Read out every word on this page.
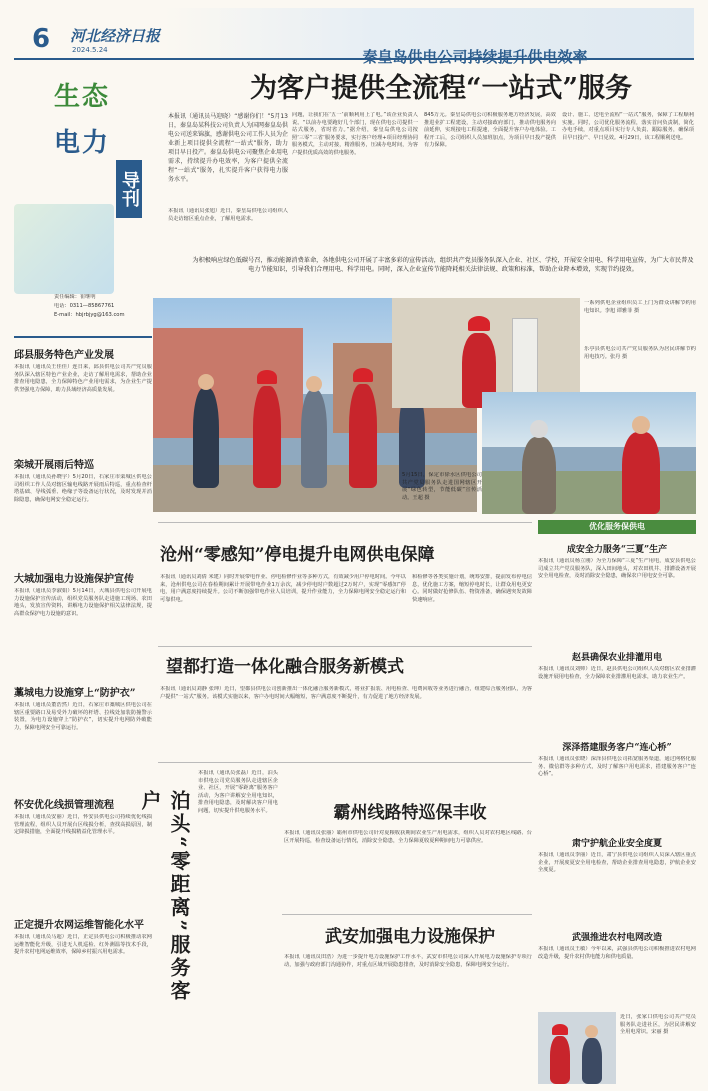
6 河北经济日报
2024.5.24
生态
电力
导刊
责任编辑：崔继明
电话：0311—85867761
E-mail：hbjrbjyg@163.com
秦皇岛供电公司持续提升供电效率
为客户提供全流程“一站式”服务
本报讯（通讯员马迎晓）“感谢你们！”5月13日，秦皇岛某科技公司负责人为国网秦皇岛供电公司送来锦旗，感谢供电公司工作人员为企业新上项目提供全流程“一站式”服务，助力项目早日投产。秦皇岛供电公司聚焦企业用电需求，持续提升办电效率，为客户提供全流程“一站式”服务，扎实提升客户获得电力服务水平。
本报讯（通讯员张旭）近日，秦皇岛供电公司组织人员走访辖区重点企业，了解用电需求。
问题，让我们在‘五一’前顺利用上了电。”该企业负责人说。“以前办电要跑好几个部门，现在供电公司提供一站式服务，省时省力。”据介绍，秦皇岛供电公司按照‘三零’‘三省’服务要求，实行客户经理+项目经理协同服务模式，主动对接，精准服务，压减办电时间，为客户提供优质高效的供电服务。
845万元。秦皇岛供电公司积极服务地方经济发展，高效推进业扩工程建设，主动对接政府部门，推动供电服务向前延伸，实现接电工程提速，全面提升客户办电体验。工程开工后，公司组织人员加班加点，为项目早日投产提供有力保障。
设计、施工、送电全流程“一站式”服务，保障了工程顺利实施。同时，公司优化服务流程，落实首问负责制，简化办电手续，对重点项目实行专人负责、跟踪服务，确保项目早日投产、早日见效。4月29日，该工程顺利送电。
为积极响应绿色低碳号召，推动能源消费革命，各地供电公司开展了丰富多彩的宣传活动，组织共产党员服务队深入企业、社区、学校，开展安全用电、科学用电宣传，为广大市民普及电力节能知识，引导我们合理用电、科学用电。同时，深入企业宣传节能降耗相关法律法规、政策和标准，帮助企业降本增效，实现节约提效。
5月15日，保定市徐水区供电公司共产党员服务队走进国网辖区开展“绿色转型，节能低碳”宣传活动。王超 摄
一系列供电企业组织员工上门为群众讲解节约用电知识。李旭 谭雅菲 摄
乐亭县供电公司共产党员服务队为居民讲解节约用电技巧。张丹 摄
邱县服务特色产业发展
本报讯（通讯员王佳佳）连日来，邱县供电公司共产党员服务队深入辖区特色产业企业，走访了解用电需求，帮助企业排查用电隐患，全力保障特色产业用电需求，为企业生产提供坚强电力保障，助力县域经济高质量发展。
栾城开展雨后特巡
本报讯（通讯员孙晓宇）5月20日，石家庄市栾城区供电公司组织工作人员对辖区输电线路开展雨后特巡，重点检查杆塔基础、导线弧垂、绝缘子等设备运行状况，及时发现并消除隐患，确保电网安全稳定运行。
大城加强电力设施保护宣传
本报讯（通讯员李淑娟）5月14日，大城县供电公司开展电力设施保护宣传活动，组织党员服务队走进施工现场、农田地头，发放宣传资料，讲解电力设施保护相关法律法规，提高群众保护电力设施的意识。
藁城电力设施穿上“防护衣”
本报讯（通讯员董浩然）近日，石家庄市藁城区供电公司在辖区重要路口及易受外力破坏的杆塔、拉线处加装防撞警示装置，为电力设施穿上“防护衣”，切实提升电网防外破能力，保障电网安全可靠运行。
怀安优化线损管理流程
本报讯（通讯员安丽）近日，怀安县供电公司持续优化线损管理流程，组织人员开展台区线损分析，查找高损原因，制定降损措施，全面提升线损精益化管理水平。
正定提升农网运维智能化水平
本报讯（通讯员马超）近日，正定县供电公司积极推动农网运维智能化升级，引进无人机巡检、红外测温等技术手段，提升农村电网运维效率，保障乡村振兴用电需求。
沧州“零感知”停电提升电网供电保障
本报讯（通讯员刘倩 米建）同时开展带电作业、停电检修作业等多种方式，有效减少用户停电时间。今年以来，沧州供电公司在春检期间累计开展带电作业1万余次，减少停电时户数超过2万时户，实现“零感知”停电，用户满意度持续提升。公司不断加强带电作业人员培训，提升作业能力，全力保障电网安全稳定运行和可靠供电。
和检修等各类实施计划，统筹安排，提前发布停电信息，优化施工方案，缩短停电时长，让群众用电更安心。同时做好抢修队伍、物资准备，确保遇突发故障快速响应。
望都打造一体化融合服务新模式
本报讯（通讯员刘静 张坤）近日，望都县供电公司创新推出一体化融合服务新模式，将业扩报装、用电检查、电费回收等业务进行融合，组建综合服务团队，为客户提供“一站式”服务。该模式实施以来，客户办电时间大幅缩短，客户满意度不断提升，有力促进了地方经济发展。
泊头“零距离”服务客户
本报讯（通讯员张磊）近日，泊头市供电公司党员服务队走进辖区企业、社区，开展“零距离”服务客户活动，为客户讲解安全用电知识，排查用电隐患，及时解决客户用电问题，切实提升供电服务水平。	霸州线路特巡保丰收
本报讯（通讯员张丽）霸州市供电公司针对夏粮收获期间农业生产用电需求，组织人员对农村地区线路、台区开展特巡，检查设备运行情况，消除安全隐患，全力保障夏收夏种期间电力可靠供应。
武安加强电力设施保护
本报讯（通讯员田浩）为进一步提升电力设施保护工作水平，武安市供电公司深入开展电力设施保护专项行动，加强与政府部门沟通协作，对重点区域开展隐患排查，及时消除安全隐患，保障电网安全运行。
优化服务保供电
成安全力服务“三夏”生产
本报讯（通讯员杨立刚）为全力保障“三夏”生产用电，成安县供电公司成立共产党员服务队，深入田间地头，对农田机井、排灌设备开展安全用电检查，及时消除安全隐患，确保农户用电安全可靠。
赵县确保农业排灌用电
本报讯（通讯员刘帅）近日，赵县供电公司组织人员对辖区农业排灌设施开展用电检查，全力保障农业排灌用电需求，助力农业生产。
深泽搭建服务客户“连心桥”
本报讯（通讯员张晓）深泽县供电公司拓宽服务渠道，通过网格化服务、微信群等多种方式，及时了解客户用电需求，搭建服务客户“连心桥”。
肃宁护航企业安全度夏
本报讯（通讯员李丽）近日，肃宁县供电公司组织人员深入辖区重点企业，开展度夏安全用电检查，帮助企业排查用电隐患，护航企业安全度夏。
武强推进农村电网改造
本报讯（通讯员王敏）今年以来，武强县供电公司积极推进农村电网改造升级，提升农村供电能力和供电质量。
近日，张家口供电公司共产党员服务队走进社区，为居民讲解安全用电常识。宋丽 摄
